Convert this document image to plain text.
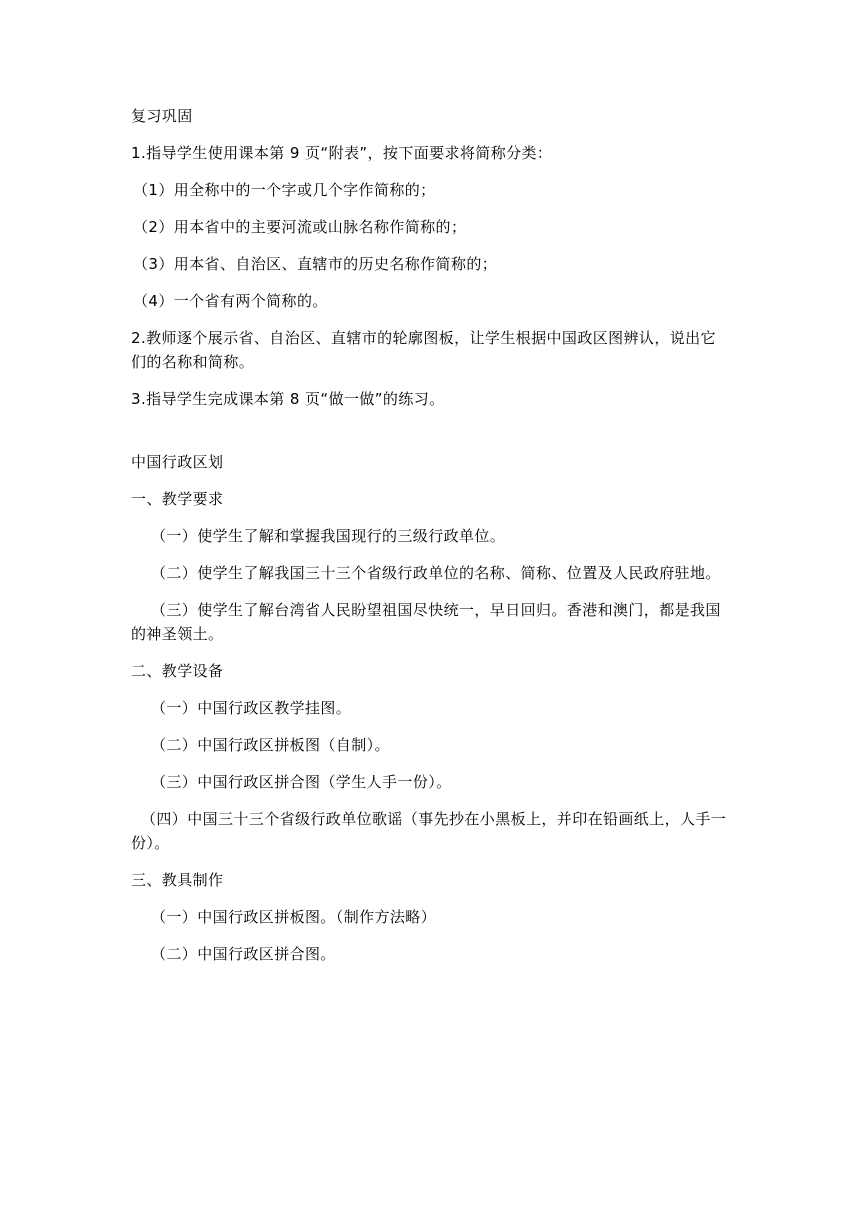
复习巩固

1.指导学生使用课本第 9 页“附表”，按下面要求将简称分类：

（1）用全称中的一个字或几个字作简称的；

（2）用本省中的主要河流或山脉名称作简称的；

（3）用本省、自治区、直辖市的历史名称作简称的；

（4）一个省有两个简称的。

2.教师逐个展示省、自治区、直辖市的轮廓图板，让学生根据中国政区图辨认，说出它们的名称和简称。

3.指导学生完成课本第 8 页“做一做”的练习。

中国行政区划

一、教学要求

（一）使学生了解和掌握我国现行的三级行政单位。

（二）使学生了解我国三十三个省级行政单位的名称、简称、位置及人民政府驻地。

（三）使学生了解台湾省人民盼望祖国尽快统一，早日回归。香港和澳门，都是我国的神圣领土。

二、教学设备

（一）中国行政区教学挂图。

（二）中国行政区拼板图（自制）。

（三）中国行政区拼合图（学生人手一份）。

（四）中国三十三个省级行政单位歌谣（事先抄在小黑板上，并印在铅画纸上，人手一份）。

三、教具制作

（一）中国行政区拼板图。（制作方法略）

（二）中国行政区拼合图。
